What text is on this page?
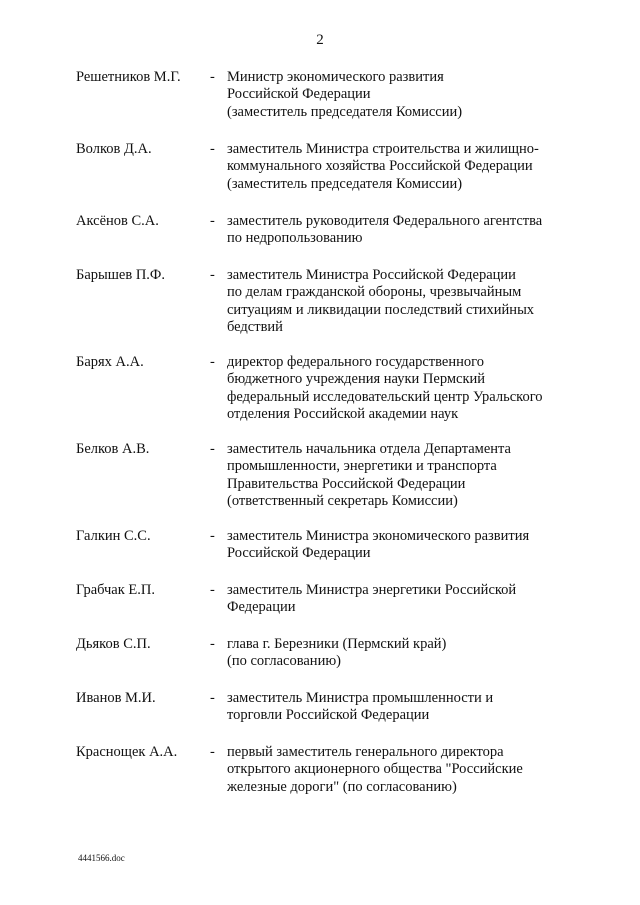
2
Решетников М.Г. - Министр экономического развития
Российской Федерации
(заместитель председателя Комиссии)
Волков Д.А.	- заместитель Министра строительства и жилищно-
коммунального хозяйства Российской Федерации
(заместитель председателя Комиссии)
Аксёнов С.А.	- заместитель руководителя Федерального агентства
по недропользованию
Барышев П.Ф.	- заместитель Министра Российской Федерации
по делам гражданской обороны, чрезвычайным
ситуациям и ликвидации последствий стихийных
бедствий
Барях А.А.	- директор федерального государственного
бюджетного учреждения науки Пермский
федеральный исследовательский центр Уральского
отделения Российской академии наук
Белков А.В.	- заместитель начальника отдела Департамента
промышленности, энергетики и транспорта
Правительства Российской Федерации
(ответственный секретарь Комиссии)
Галкин С.С.	- заместитель Министра экономического развития
Российской Федерации
Грабчак Е.П.	- заместитель Министра энергетики Российской
Федерации
Дьяков С.П.	- глава г. Березники (Пермский край)
(по согласованию)
Иванов М.И.	- заместитель Министра промышленности и
торговли Российской Федерации
Краснощек А.А. - первый заместитель генерального директора
открытого акционерного общества "Российские
железные дороги" (по согласованию)
4441566.doc
